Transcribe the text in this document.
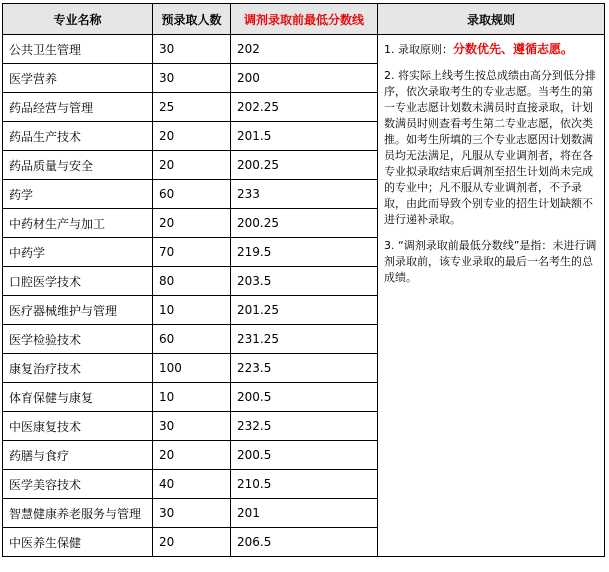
专业名称	预录取人数	调剂录取前最低分数线	录取规则
公共卫生管理	30	202	1. 录取原则：分数优先、遵循志愿。
2. 将实际上线考生按总成绩由高分到低分排序，依次录取考生的专业志愿。当考生的第一专业志愿计划数未满员时直接录取，计划数满员时则查看考生第二专业志愿，依次类推。如考生所填的三个专业志愿因计划数满员均无法满足，凡服从专业调剂者，将在各专业拟录取结束后调剂至招生计划尚未完成的专业中；凡不服从专业调剂者，不予录取，由此而导致个别专业的招生计划缺额不进行递补录取。
3. “调剂录取前最低分数线”是指：未进行调剂录取前，该专业录取的最后一名考生的总成绩。

医学营养	30	200	
药品经营与管理	25	202.25	
药品生产技术	20	201.5	
药品质量与安全	20	200.25	
药学	60	233	
中药材生产与加工	20	200.25	
中药学	70	219.5	
口腔医学技术	80	203.5	
医疗器械维护与管理	10	201.25	
医学检验技术	60	231.25	
康复治疗技术	100	223.5	
体育保健与康复	10	200.5	
中医康复技术	30	232.5	
药膳与食疗	20	200.5	
医学美容技术	40	210.5	
智慧健康养老服务与管理	30	201	
中医养生保健	20	206.5	
